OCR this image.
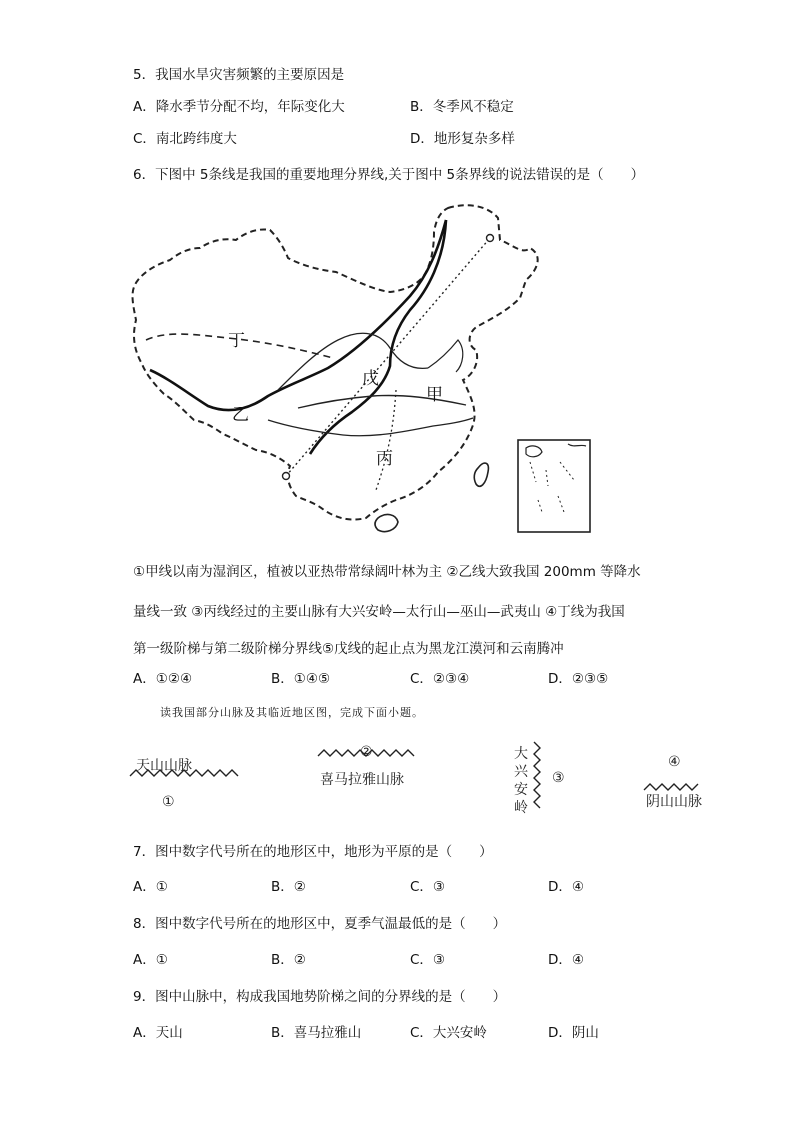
5．我国水旱灾害频繁的主要原因是
A．降水季节分配不均，年际变化大	B．冬季风不稳定
C．南北跨纬度大	D．地形复杂多样
6．下图中 5条线是我国的重要地理分界线,关于图中 5条界线的说法错误的是（　　）
丁
乙
戊
甲
丙
①甲线以南为湿润区，植被以亚热带常绿阔叶林为主 ②乙线大致我国 200mm 等降水
量线一致 ③丙线经过的主要山脉有大兴安岭—太行山—巫山—武夷山 ④丁线为我国
第一级阶梯与第二级阶梯分界线⑤戊线的起止点为黑龙江漠河和云南腾冲
A．①②④	B．①④⑤	C．②③④	D．②③⑤
读我国部分山脉及其临近地区图，完成下面小题。
天山山脉
①
②
喜马拉雅山脉
大
兴
安
岭
③
④
阴山山脉
7．图中数字代号所在的地形区中，地形为平原的是（　　）
A．①	B．②	C．③	D．④
8．图中数字代号所在的地形区中，夏季气温最低的是（　　）
A．①	B．②	C．③	D．④
9．图中山脉中，构成我国地势阶梯之间的分界线的是（　　）
A．天山	B．喜马拉雅山	C．大兴安岭	D．阴山
